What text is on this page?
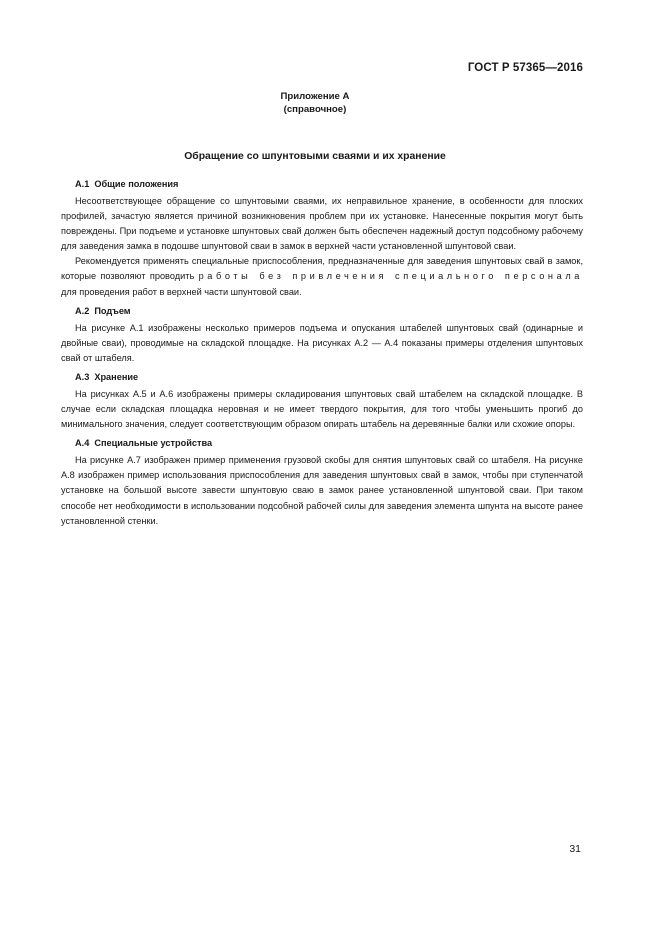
ГОСТ Р 57365—2016
Приложение А
(справочное)
Обращение со шпунтовыми сваями и их хранение
А.1 Общие положения

Несоответствующее обращение со шпунтовыми сваями, их неправильное хранение, в особенности для плоских профилей, зачастую является причиной возникновения проблем при их установке. Нанесенные покрытия могут быть повреждены. При подъеме и установке шпунтовых свай должен быть обеспечен надежный доступ подсобному рабочему для заведения замка в подошве шпунтовой сваи в замок в верхней части установленной шпунтовой сваи.

Рекомендуется применять специальные приспособления, предназначенные для заведения шпунтовых свай в замок, которые позволяют проводить работы без привлечения специального персонала для проведения работ в верхней части шпунтовой сваи.

А.2 Подъем

На рисунке А.1 изображены несколько примеров подъема и опускания штабелей шпунтовых свай (одинарные и двойные сваи), проводимые на складской площадке. На рисунках А.2 — А.4 показаны примеры отделения шпунтовых свай от штабеля.

А.3 Хранение

На рисунках А.5 и А.6 изображены примеры складирования шпунтовых свай штабелем на складской площадке. В случае если складская площадка неровная и не имеет твердого покрытия, для того чтобы уменьшить прогиб до минимального значения, следует соответствующим образом опирать штабель на деревянные балки или схожие опоры.

А.4 Специальные устройства

На рисунке А.7 изображен пример применения грузовой скобы для снятия шпунтовых свай со штабеля. На рисунке А.8 изображен пример использования приспособления для заведения шпунтовых свай в замок, чтобы при ступенчатой установке на большой высоте завести шпунтовую сваю в замок ранее установленной шпунтовой сваи. При таком способе нет необходимости в использовании подсобной рабочей силы для заведения элемента шпунта на высоте ранее установленной стенки.

31
